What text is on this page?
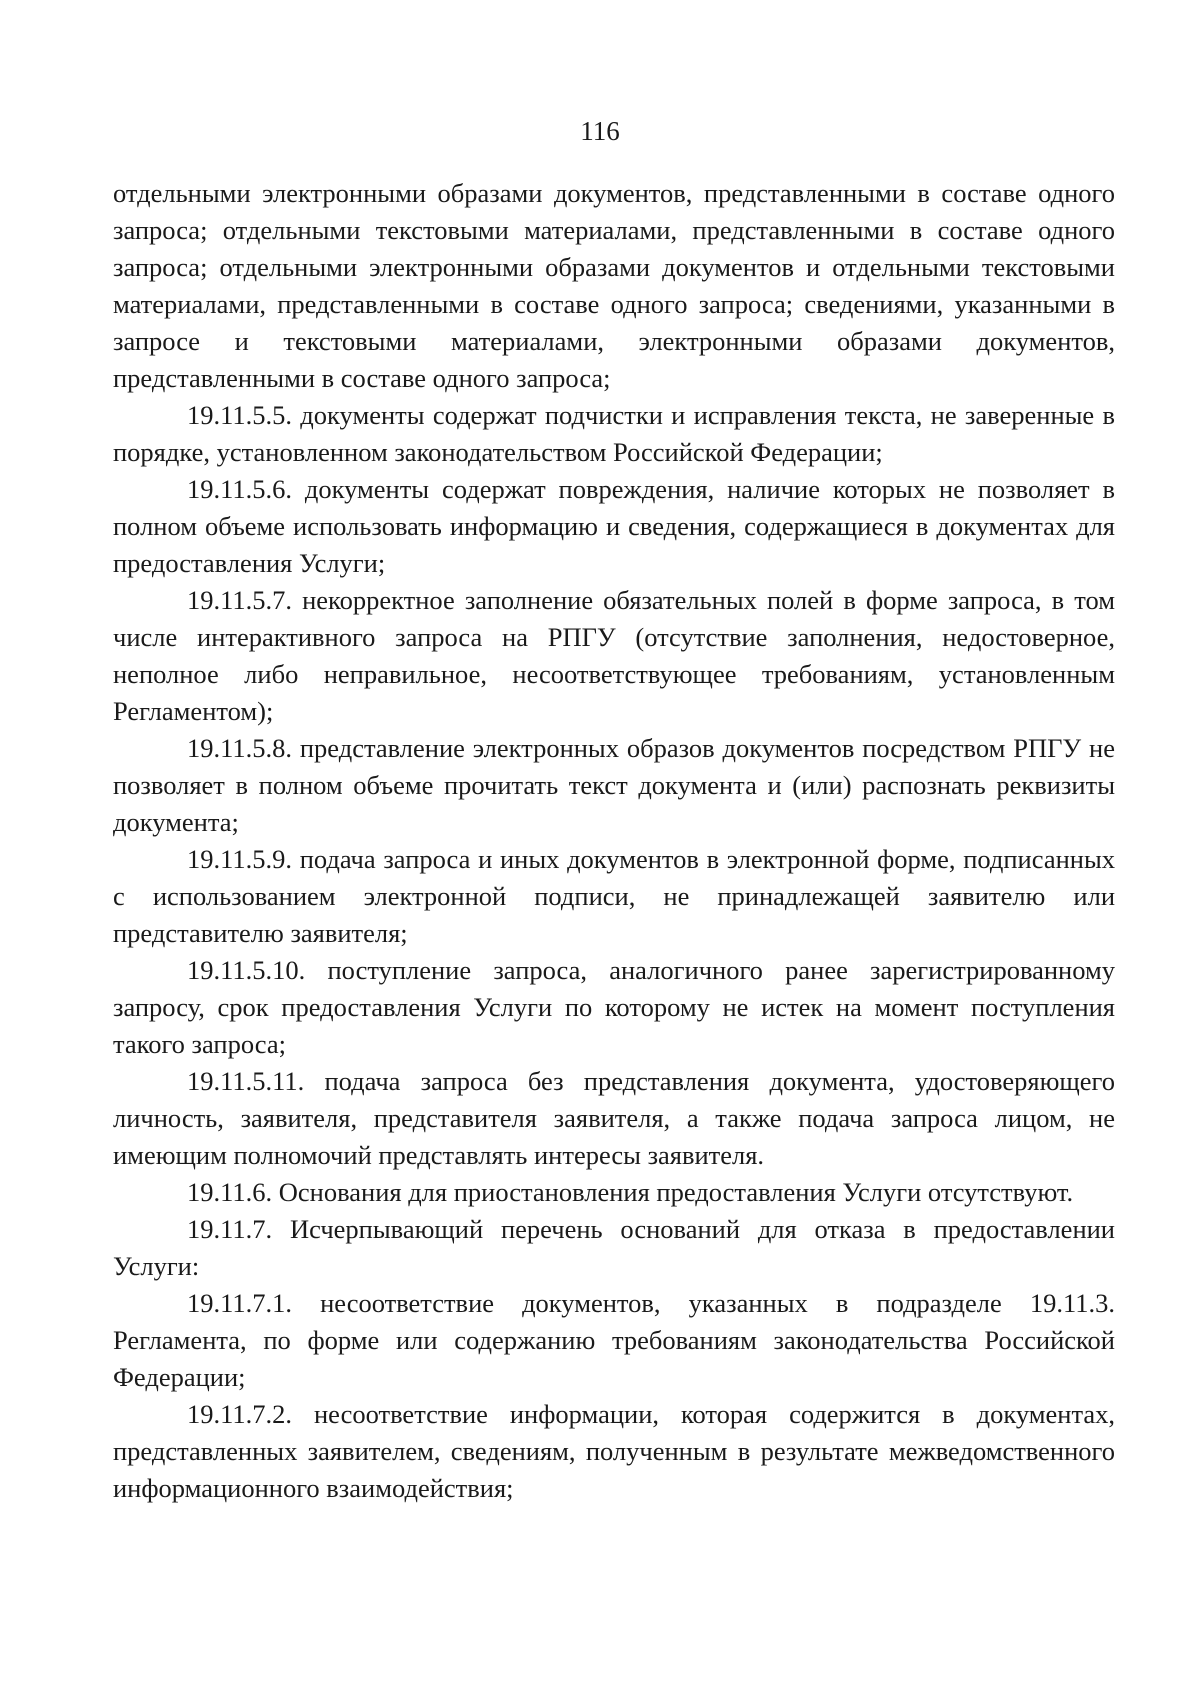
116

отдельными электронными образами документов, представленными в составе одного запроса; отдельными текстовыми материалами, представленными в составе одного запроса; отдельными электронными образами документов и отдельными текстовыми материалами, представленными в составе одного запроса; сведениями, указанными в запросе и текстовыми материалами, электронными образами документов, представленными в составе одного запроса;

19.11.5.5. документы содержат подчистки и исправления текста, не заверенные в порядке, установленном законодательством Российской Федерации;

19.11.5.6. документы содержат повреждения, наличие которых не позволяет в полном объеме использовать информацию и сведения, содержащиеся в документах для предоставления Услуги;

19.11.5.7. некорректное заполнение обязательных полей в форме запроса, в том числе интерактивного запроса на РПГУ (отсутствие заполнения, недостоверное, неполное либо неправильное, несоответствующее требованиям, установленным Регламентом);

19.11.5.8. представление электронных образов документов посредством РПГУ не позволяет в полном объеме прочитать текст документа и (или) распознать реквизиты документа;

19.11.5.9. подача запроса и иных документов в электронной форме, подписанных с использованием электронной подписи, не принадлежащей заявителю или представителю заявителя;

19.11.5.10. поступление запроса, аналогичного ранее зарегистрированному запросу, срок предоставления Услуги по которому не истек на момент поступления такого запроса;

19.11.5.11. подача запроса без представления документа, удостоверяющего личность, заявителя, представителя заявителя, а также подача запроса лицом, не имеющим полномочий представлять интересы заявителя.

19.11.6. Основания для приостановления предоставления Услуги отсутствуют.

19.11.7. Исчерпывающий перечень оснований для отказа в предоставлении Услуги:

19.11.7.1. несоответствие документов, указанных в подразделе 19.11.3. Регламента, по форме или содержанию требованиям законодательства Российской Федерации;

19.11.7.2. несоответствие информации, которая содержится в документах, представленных заявителем, сведениям, полученным в результате межведомственного информационного взаимодействия;
